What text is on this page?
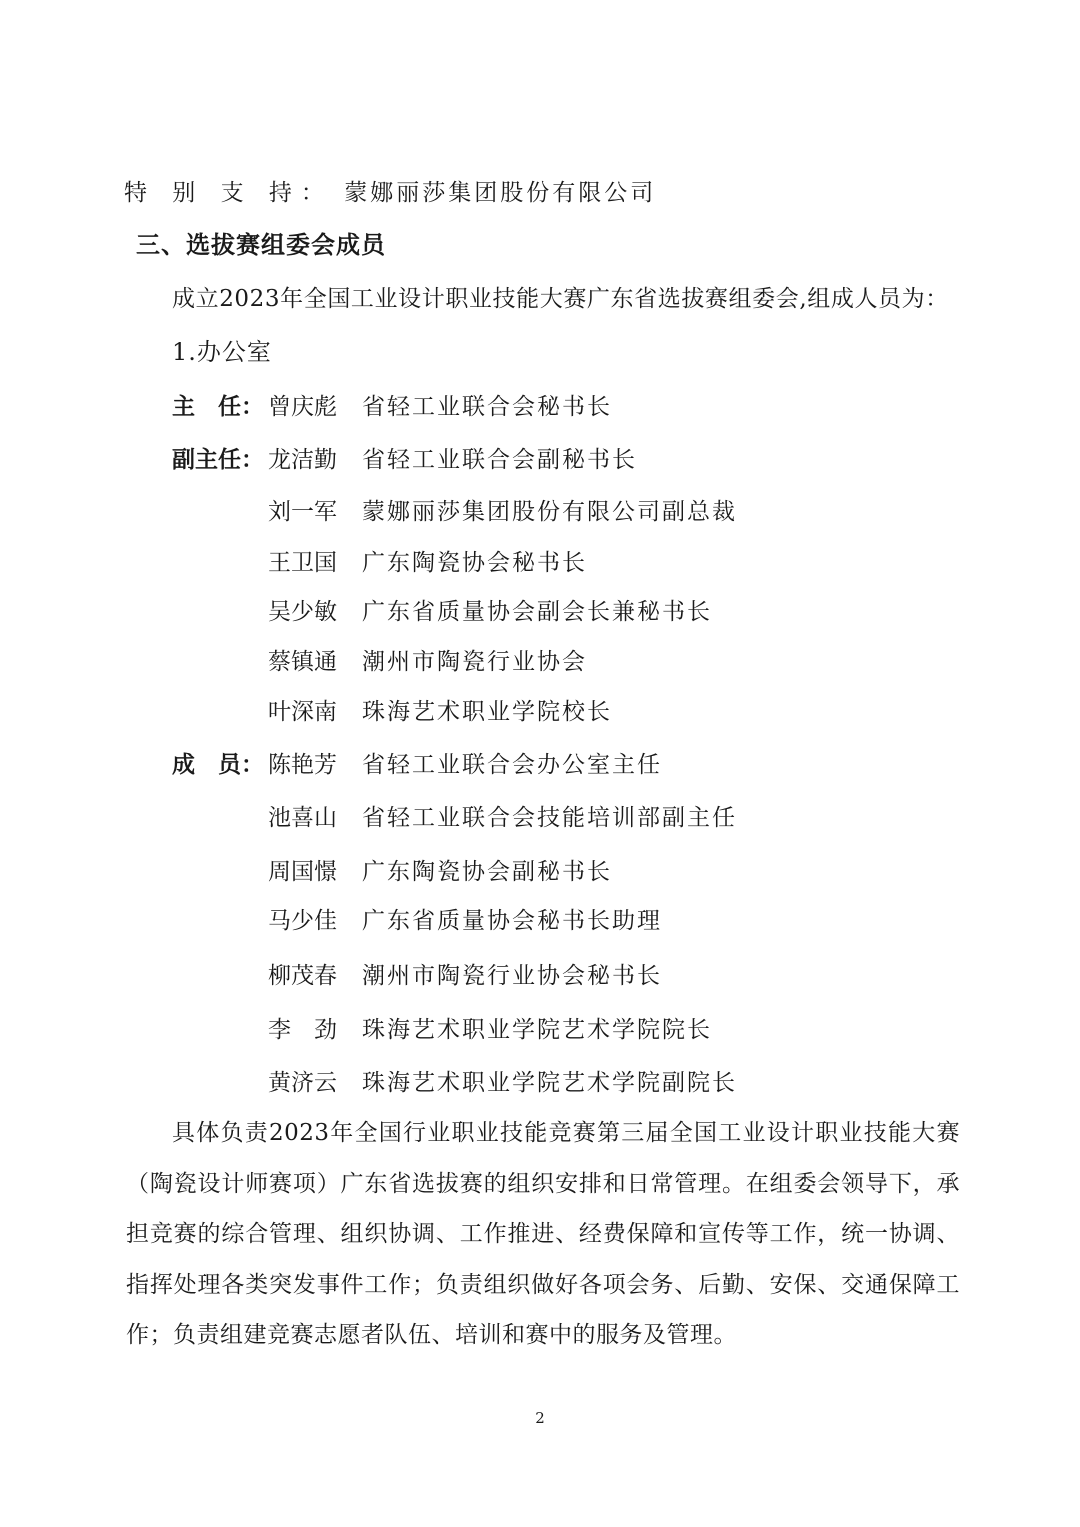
特 别 支 持： 蒙娜丽莎集团股份有限公司
三、选拔赛组委会成员
成立2023年全国工业设计职业技能大赛广东省选拔赛组委会,组成人员为：
1.办公室
主　任： 曾庆彪 省轻工业联合会秘书长
副主任： 龙洁勤 省轻工业联合会副秘书长
刘一军 蒙娜丽莎集团股份有限公司副总裁
王卫国 广东陶瓷协会秘书长
吴少敏 广东省质量协会副会长兼秘书长
蔡镇通 潮州市陶瓷行业协会
叶深南 珠海艺术职业学院校长
成　员： 陈艳芳 省轻工业联合会办公室主任
池喜山 省轻工业联合会技能培训部副主任
周国憬 广东陶瓷协会副秘书长
马少佳 广东省质量协会秘书长助理
柳茂春 潮州市陶瓷行业协会秘书长
李　劲 珠海艺术职业学院艺术学院院长
黄济云 珠海艺术职业学院艺术学院副院长
具体负责2023年全国行业职业技能竞赛第三届全国工业设计职业技能大赛（陶瓷设计师赛项）广东省选拔赛的组织安排和日常管理。在组委会领导下，承担竞赛的综合管理、组织协调、工作推进、经费保障和宣传等工作，统一协调、指挥处理各类突发事件工作；负责组织做好各项会务、后勤、安保、交通保障工作；负责组建竞赛志愿者队伍、培训和赛中的服务及管理。
2
